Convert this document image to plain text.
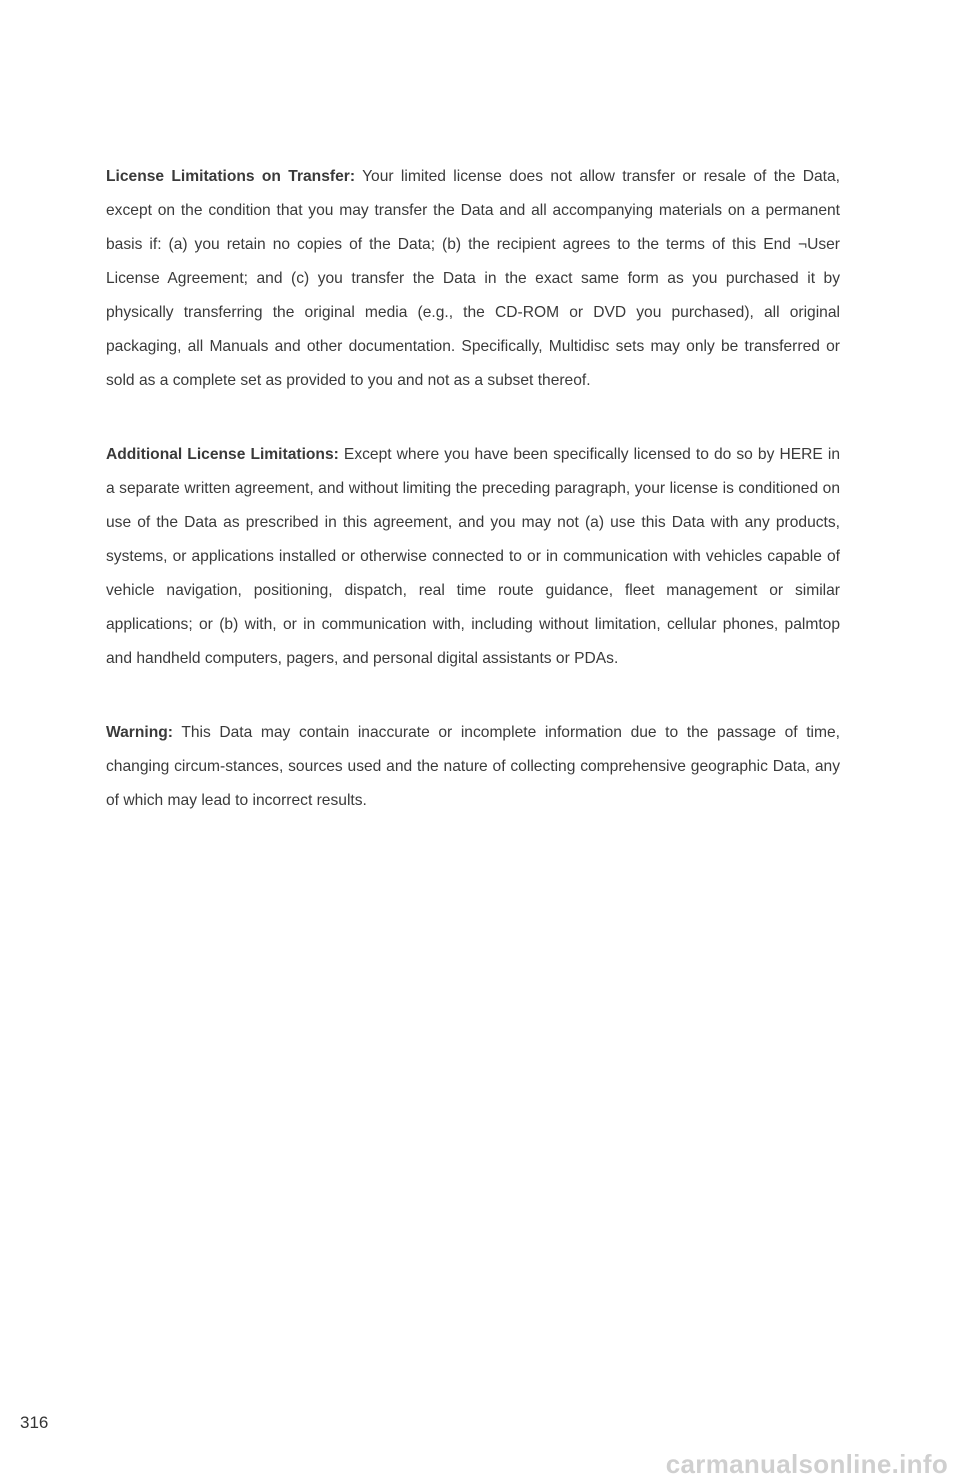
License Limitations on Transfer: Your limited license does not allow transfer or resale of the Data, except on the condition that you may transfer the Data and all accompanying materials on a permanent basis if: (a) you retain no copies of the Data; (b) the recipient agrees to the terms of this End ¬User License Agreement; and (c) you transfer the Data in the exact same form as you purchased it by physically transferring the original media (e.g., the CD-ROM or DVD you purchased), all original packaging, all Manuals and other documentation. Specifically, Multidisc sets may only be transferred or sold as a complete set as provided to you and not as a subset thereof.

Additional License Limitations: Except where you have been specifically licensed to do so by HERE in a separate written agreement, and without limiting the preceding paragraph, your license is conditioned on use of the Data as prescribed in this agreement, and you may not (a) use this Data with any products, systems, or applications installed or otherwise connected to or in communication with vehicles capable of vehicle navigation, positioning, dispatch, real time route guidance, fleet management or similar applications; or (b) with, or in communication with, including without limitation, cellular phones, palmtop and handheld computers, pagers, and personal digital assistants or PDAs.

Warning: This Data may contain inaccurate or incomplete information due to the passage of time, changing circum-stances, sources used and the nature of collecting comprehensive geographic Data, any of which may lead to incorrect results.

316
carmanualsonline.info
